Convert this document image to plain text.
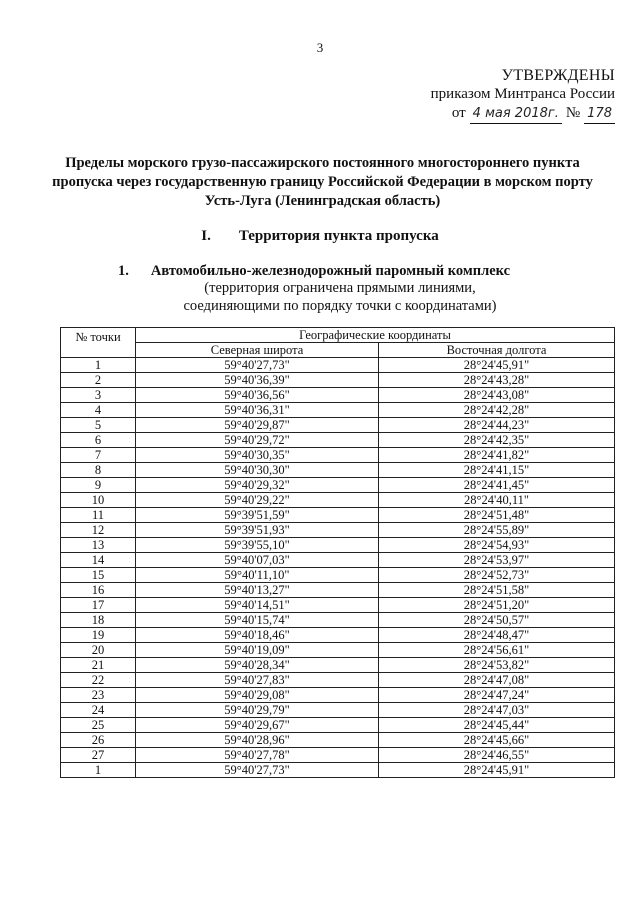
3
УТВЕРЖДЕНЫ
приказом Минтранса России
от 4 мая 2018г. № 178
Пределы морского грузо-пассажирского постоянного многостороннего пункта пропуска через государственную границу Российской Федерации в морском порту Усть-Луга (Ленинградская область)
I. Территория пункта пропуска
1. Автомобильно-железнодорожный паромный комплекс
(территория ограничена прямыми линиями,
соединяющими по порядку точки с координатами)
№ точки	Географические координаты	
	Северная широта	Восточная долгота
1	59°40'27,73"	28°24'45,91"
2	59°40'36,39"	28°24'43,28"
3	59°40'36,56"	28°24'43,08"
4	59°40'36,31"	28°24'42,28"
5	59°40'29,87"	28°24'44,23"
6	59°40'29,72"	28°24'42,35"
7	59°40'30,35"	28°24'41,82"
8	59°40'30,30"	28°24'41,15"
9	59°40'29,32"	28°24'41,45"
10	59°40'29,22"	28°24'40,11"
11	59°39'51,59"	28°24'51,48"
12	59°39'51,93"	28°24'55,89"
13	59°39'55,10"	28°24'54,93"
14	59°40'07,03"	28°24'53,97"
15	59°40'11,10"	28°24'52,73"
16	59°40'13,27"	28°24'51,58"
17	59°40'14,51"	28°24'51,20"
18	59°40'15,74"	28°24'50,57"
19	59°40'18,46"	28°24'48,47"
20	59°40'19,09"	28°24'56,61"
21	59°40'28,34"	28°24'53,82"
22	59°40'27,83"	28°24'47,08"
23	59°40'29,08"	28°24'47,24"
24	59°40'29,79"	28°24'47,03"
25	59°40'29,67"	28°24'45,44"
26	59°40'28,96"	28°24'45,66"
27	59°40'27,78"	28°24'46,55"
1	59°40'27,73"	28°24'45,91"
